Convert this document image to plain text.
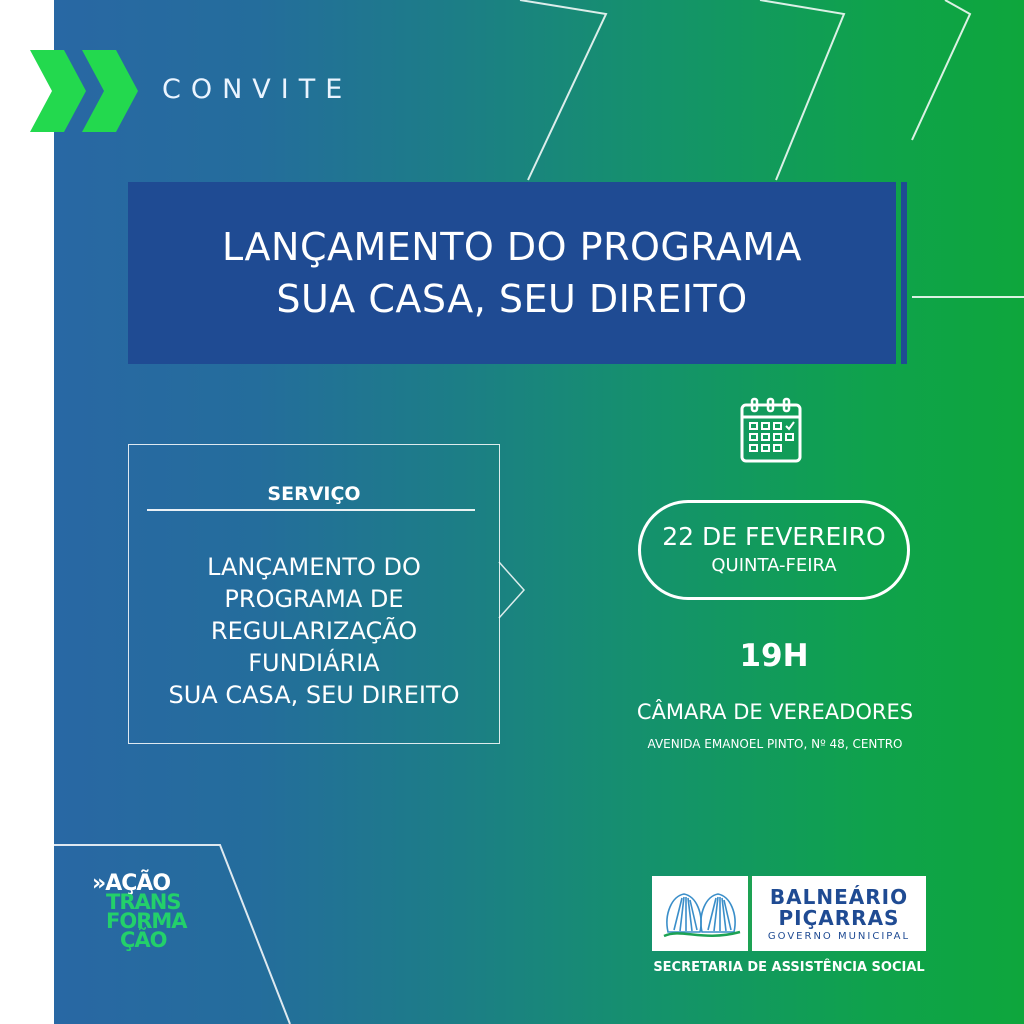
CONVITE
LANÇAMENTO DO PROGRAMA
SUA CASA, SEU DIREITO
SERVIÇO
LANÇAMENTO DO
PROGRAMA DE
REGULARIZAÇÃO
FUNDIÁRIA
SUA CASA, SEU DIREITO
22 DE FEVEREIRO
QUINTA-FEIRA
19H
CÂMARA DE VEREADORES
AVENIDA EMANOEL PINTO, Nº 48, CENTRO
»AÇÃO
TRANS
FORMA
ÇÃO
BALNEÁRIO
PIÇARRAS
GOVERNO MUNICIPAL
SECRETARIA DE ASSISTÊNCIA SOCIAL
